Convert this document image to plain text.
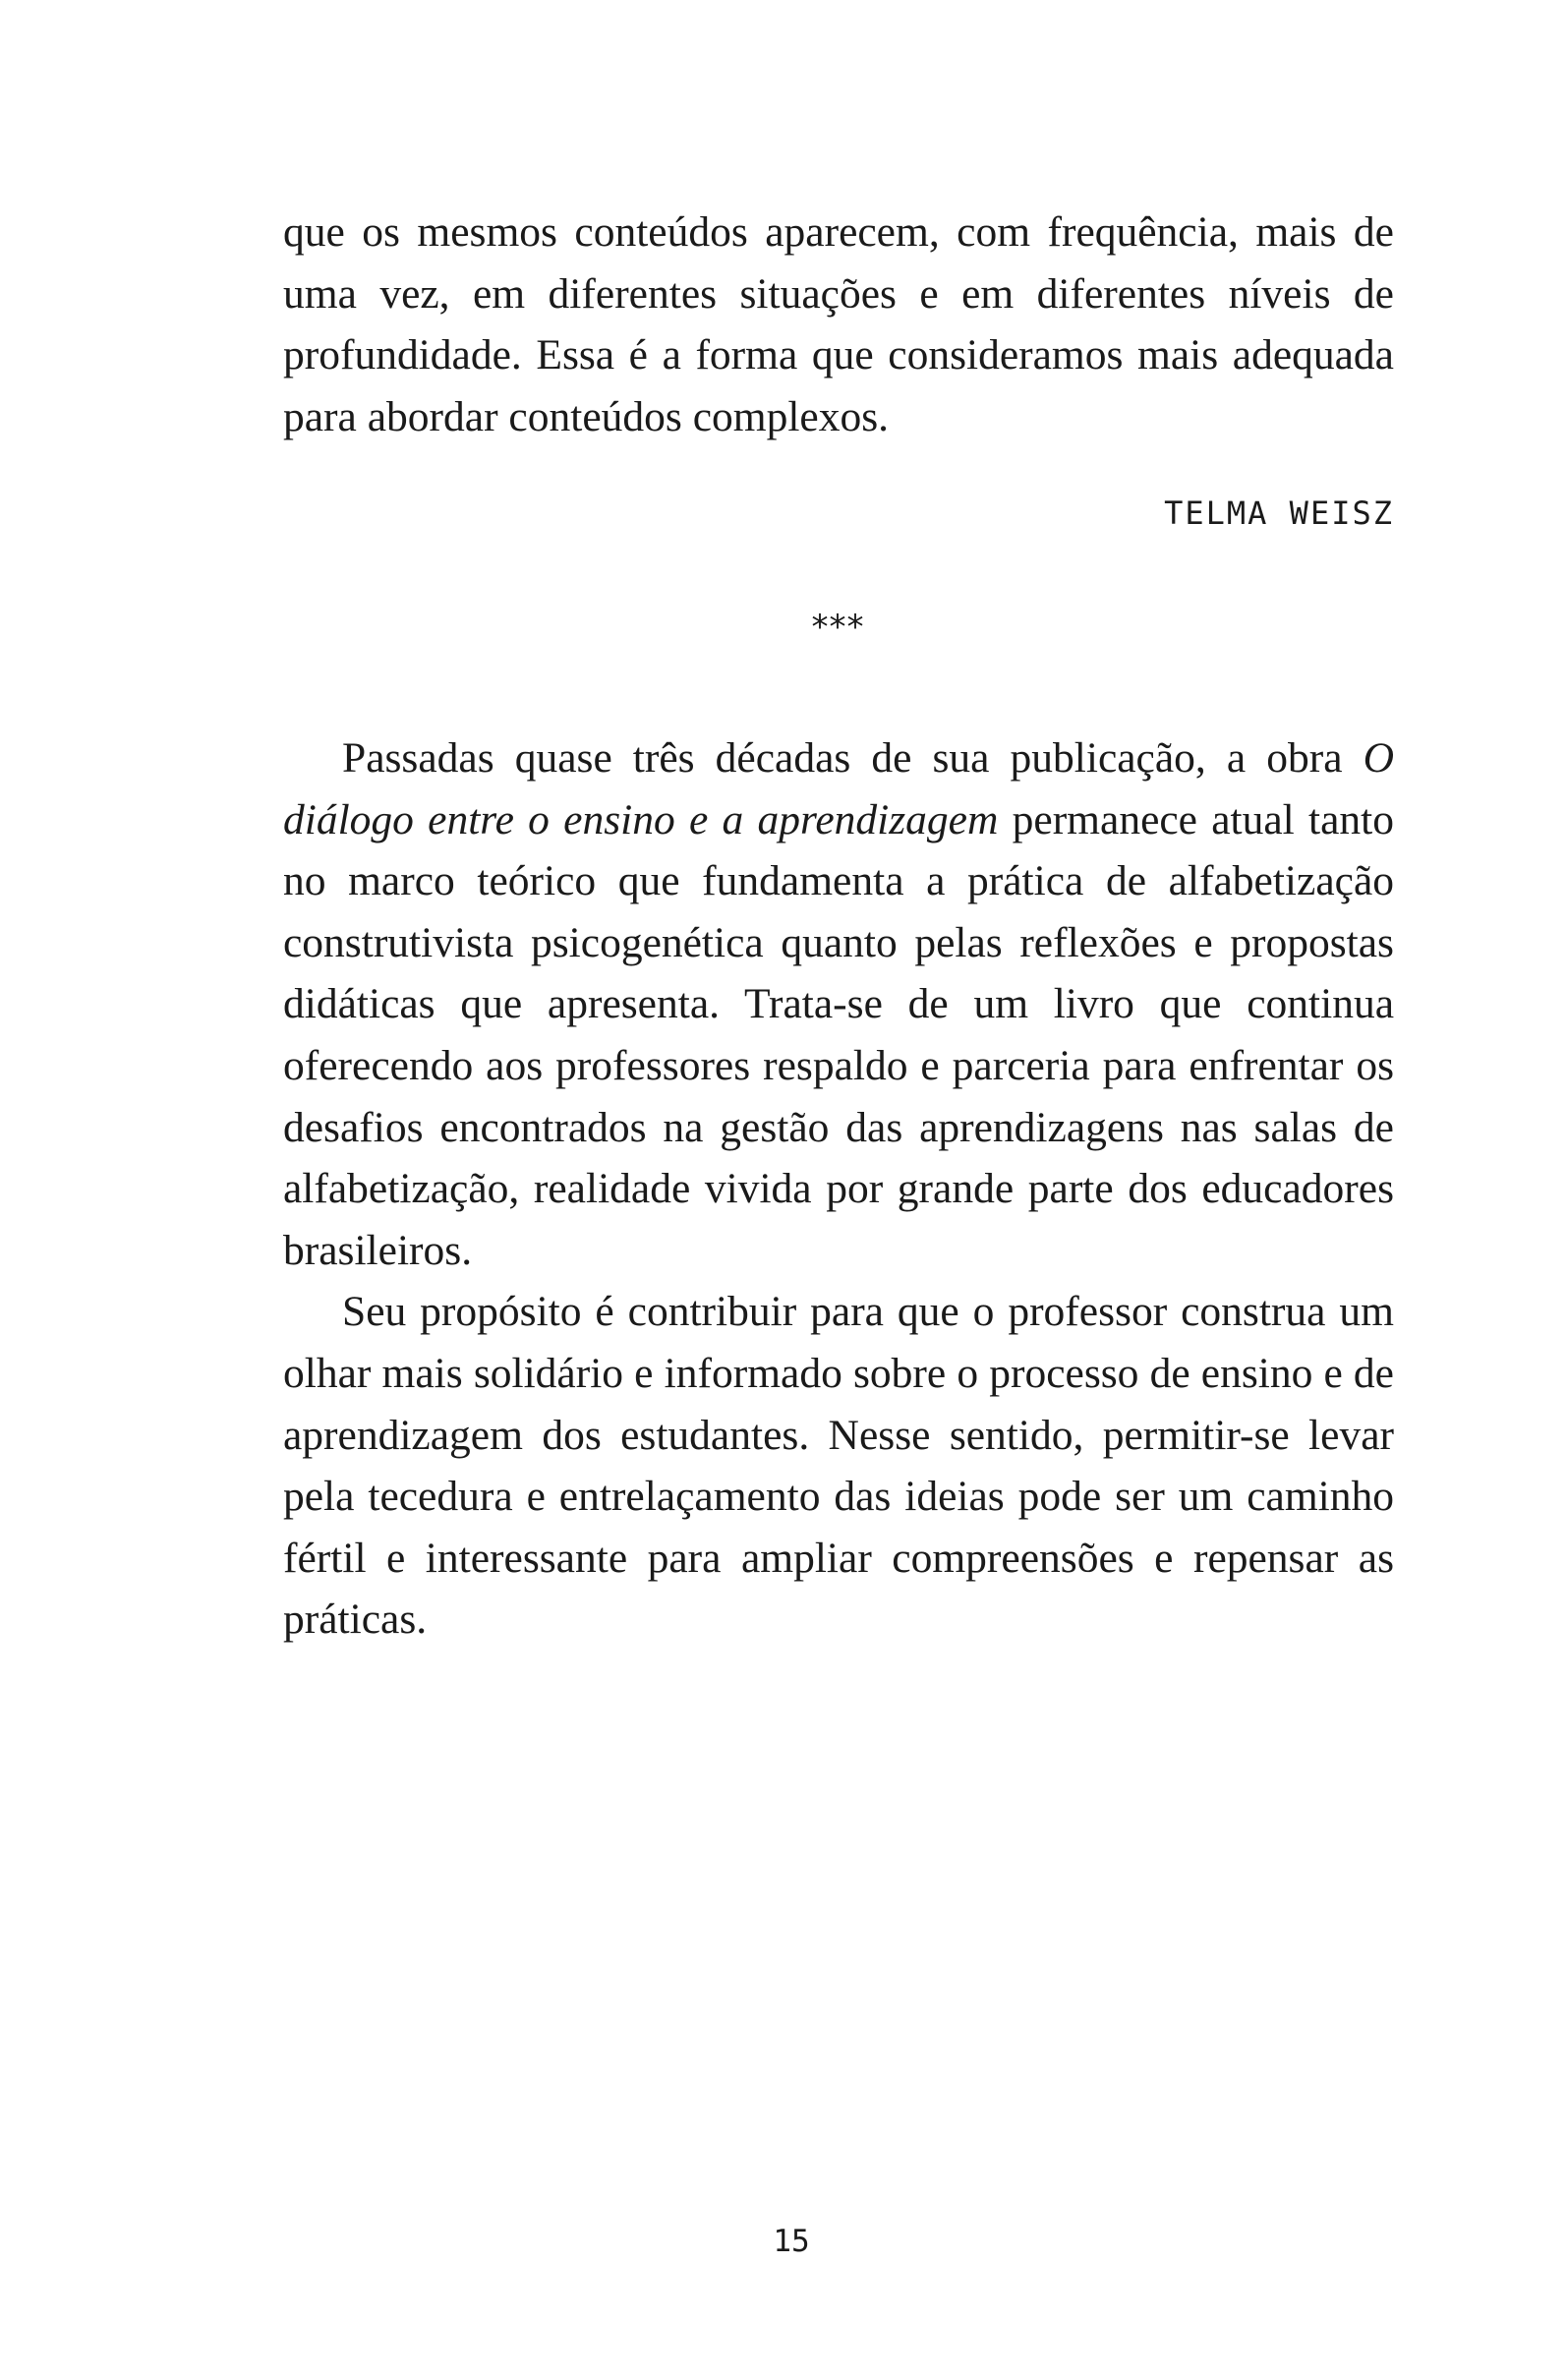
que os mesmos conteúdos aparecem, com frequência, mais de uma vez, em diferentes situações e em diferentes níveis de profundidade. Essa é a forma que consideramos mais adequada para abordar conteúdos complexos.

TELMA WEISZ
***

Passadas quase três décadas de sua publicação, a obra O diálogo entre o ensino e a aprendizagem permanece atual tanto no marco teórico que fundamenta a prática de alfabetização construtivista psicogenética quanto pelas reflexões e propostas didáticas que apresenta. Trata-se de um livro que continua oferecendo aos professores respaldo e parceria para enfrentar os desafios encontrados na gestão das aprendizagens nas salas de alfabetização, realidade vivida por grande parte dos educadores brasileiros.

Seu propósito é contribuir para que o professor construa um olhar mais solidário e informado sobre o processo de ensino e de aprendizagem dos estudantes. Nesse sentido, permitir-se levar pela tecedura e entrelaçamento das ideias pode ser um caminho fértil e interessante para ampliar compreensões e repensar as práticas.

15
